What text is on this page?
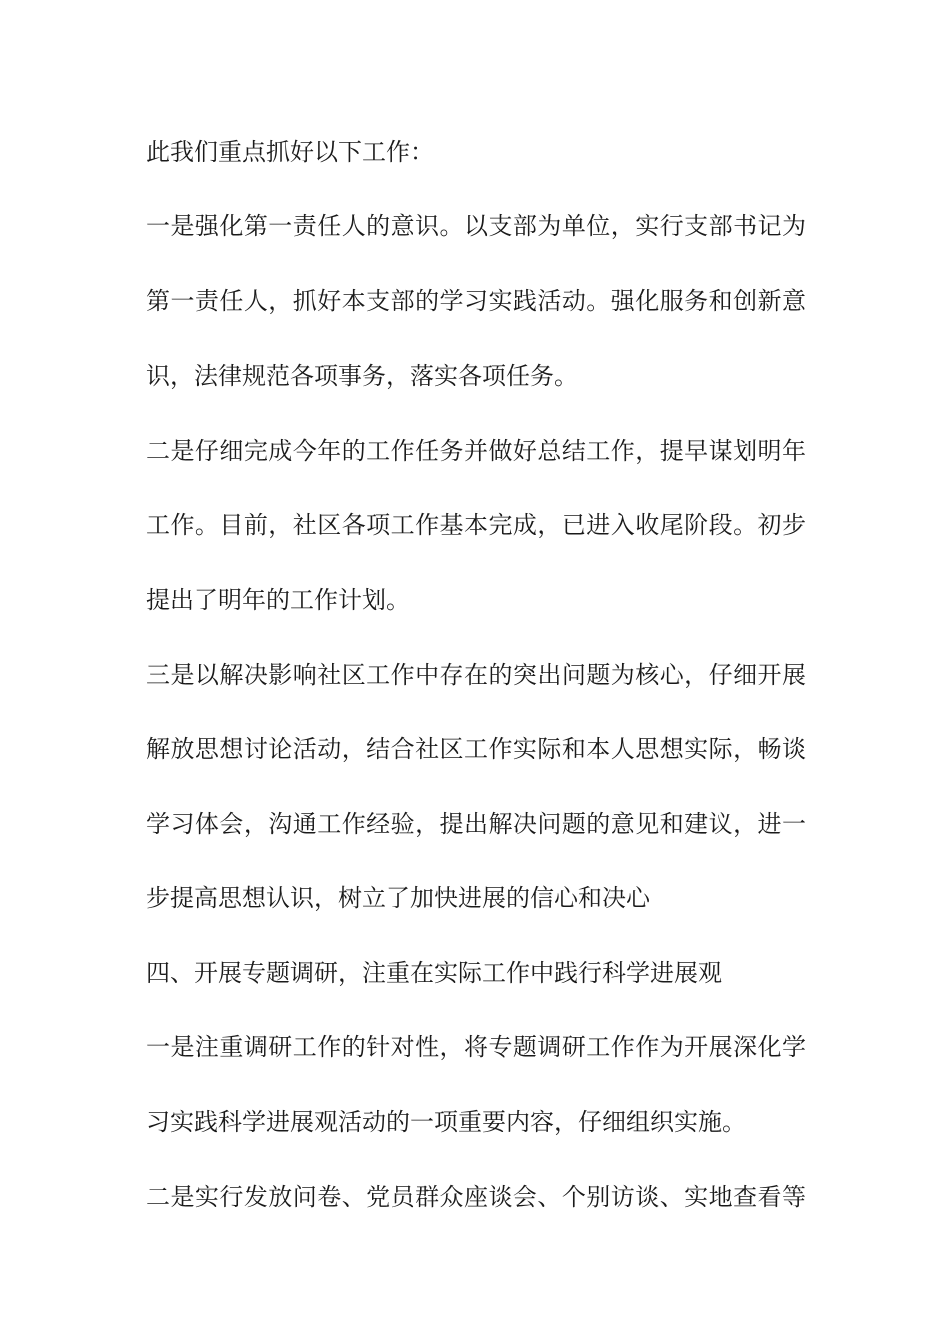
此我们重点抓好以下工作：
一是强化第一责任人的意识。以支部为单位，实行支部书记为
第一责任人，抓好本支部的学习实践活动。强化服务和创新意
识，法律规范各项事务，落实各项任务。
二是仔细完成今年的工作任务并做好总结工作，提早谋划明年
工作。目前，社区各项工作基本完成，已进入收尾阶段。初步
提出了明年的工作计划。
三是以解决影响社区工作中存在的突出问题为核心，仔细开展
解放思想讨论活动，结合社区工作实际和本人思想实际，畅谈
学习体会，沟通工作经验，提出解决问题的意见和建议，进一
步提高思想认识，树立了加快进展的信心和决心
四、开展专题调研，注重在实际工作中践行科学进展观
一是注重调研工作的针对性，将专题调研工作作为开展深化学
习实践科学进展观活动的一项重要内容，仔细组织实施。
二是实行发放问卷、党员群众座谈会、个别访谈、实地查看等
